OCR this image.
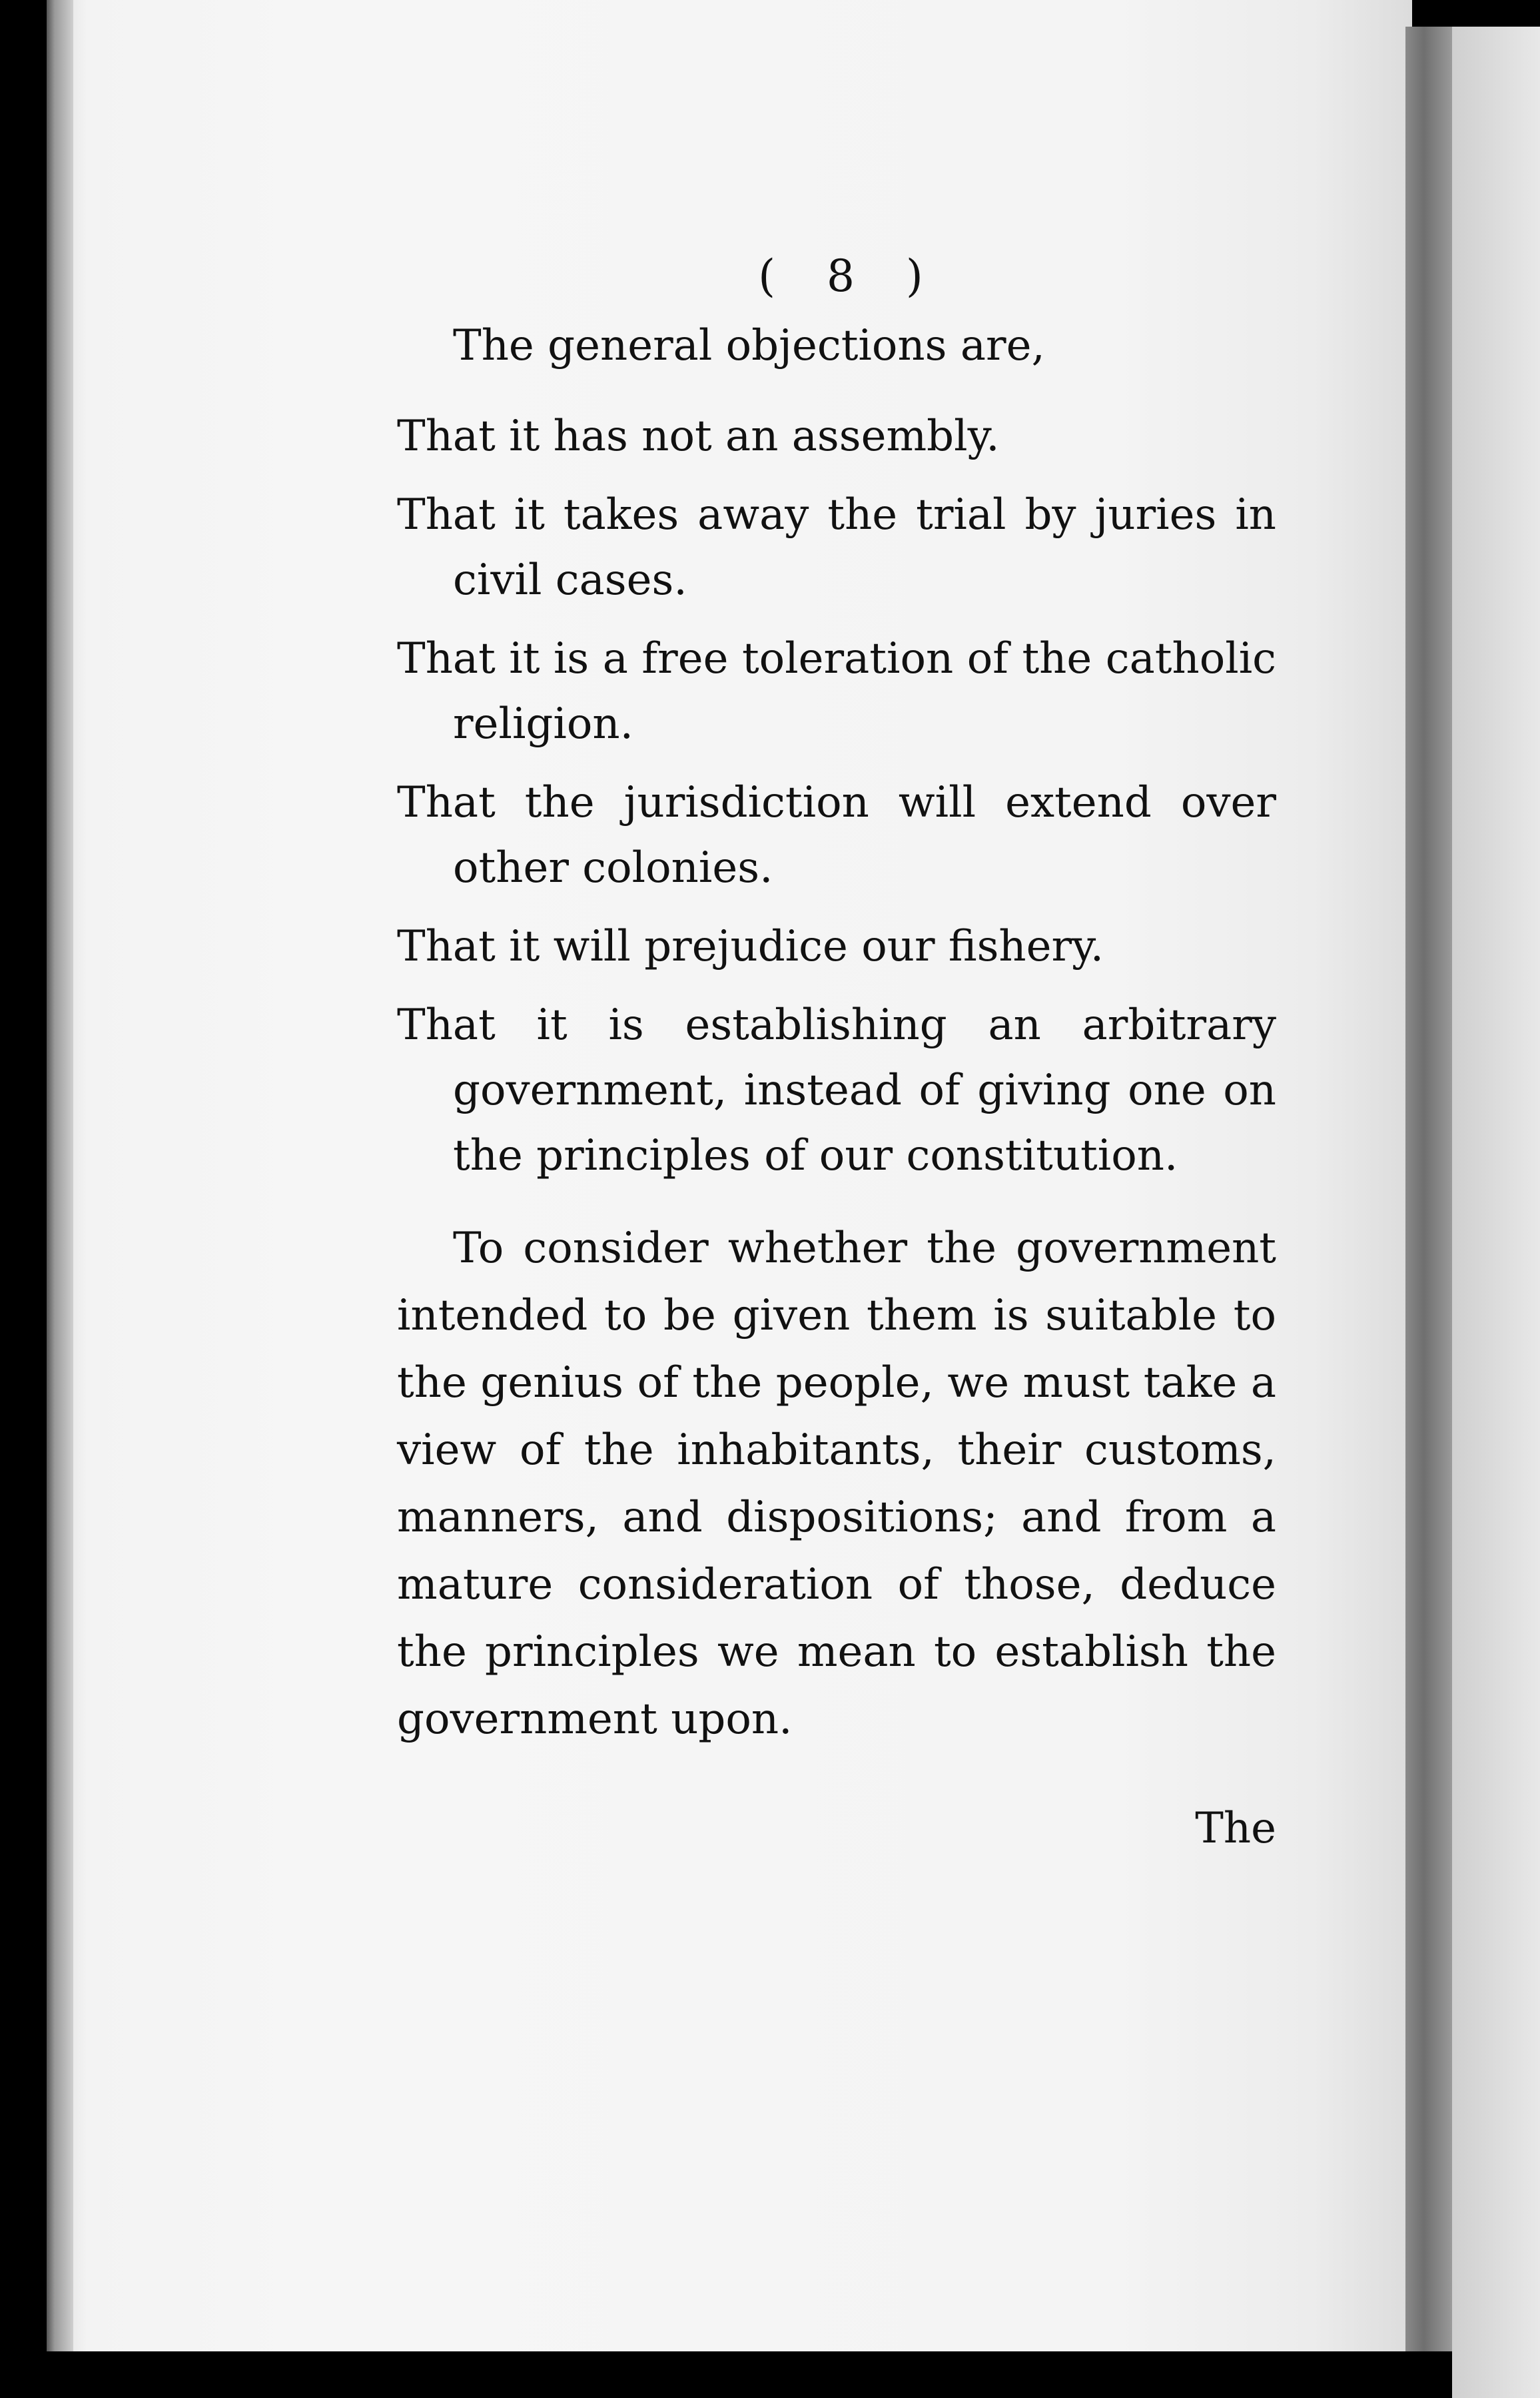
( 8 )

The general objections are,

That it has not an assembly.

That it takes away the trial by juries in civil cases.

That it is a free toleration of the catholic religion.

That the jurisdiction will extend over other colonies.

That it will prejudice our fishery.

That it is establishing an arbitrary government, instead of giving one on the principles of our constitution.

To consider whether the government intended to be given them is suitable to the genius of the people, we must take a view of the inhabitants, their customs, manners, and dispositions; and from a mature consideration of those, deduce the principles we mean to establish the government upon.

The
